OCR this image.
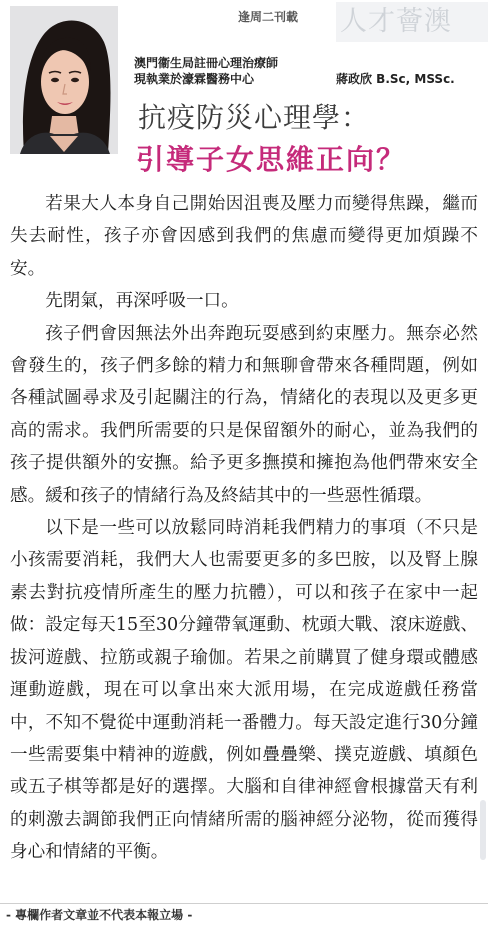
逢周二刊載 人才薈澳
澳門衞生局註冊心理治療師
現執業於濠霖醫務中心	蔣政欣 B.Sc, MSSc.
抗疫防災心理學：
引導子女思維正向？

若果大人本身自己開始因沮喪及壓力而變得焦躁，繼而失去耐性，孩子亦會因感到我們的焦慮而變得更加煩躁不安。

先閉氣，再深呼吸一口。

孩子們會因無法外出奔跑玩耍感到約束壓力。無奈必然會發生的，孩子們多餘的精力和無聊會帶來各種問題，例如各種試圖尋求及引起關注的行為，情緒化的表現以及更多更高的需求。我們所需要的只是保留額外的耐心，並為我們的孩子提供額外的安撫。給予更多撫摸和擁抱為他們帶來安全感。緩和孩子的情緒行為及終結其中的一些惡性循環。

以下是一些可以放鬆同時消耗我們精力的事項（不只是小孩需要消耗，我們大人也需要更多的多巴胺，以及腎上腺素去對抗疫情所產生的壓力抗體），可以和孩子在家中一起做：設定每天15至30分鐘帶氧運動、枕頭大戰、滾床遊戲、拔河遊戲、拉筋或親子瑜伽。若果之前購買了健身環或體感運動遊戲，現在可以拿出來大派用場，在完成遊戲任務當中，不知不覺從中運動消耗一番體力。每天設定進行30分鐘一些需要集中精神的遊戲，例如疊疊樂、撲克遊戲、填顏色或五子棋等都是好的選擇。大腦和自律神經會根據當天有利的刺激去調節我們正向情緒所需的腦神經分泌物，從而獲得身心和情緒的平衡。

- 專欄作者文章並不代表本報立場 -
